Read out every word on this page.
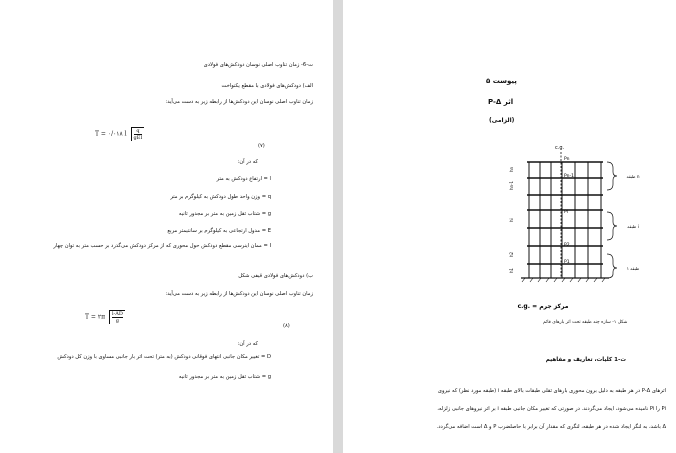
ت-6- زمان تناوب اصلی نوسان دودکش‌های فولادی
الف) دودکش‌های فولادی با مقطع یکنواخت
زمان تناوب اصلی نوسان این دودکش‌ها از رابطه زیر به دست می‌آید:
T = ۰/۰۱۸ l	q
gEI
(۷)
که در آن:
l = ارتفاع دودکش به متر
q = وزن واحد طول دودکش به کیلوگرم بر متر
g = شتاب ثقل زمین به متر بر مجذور ثانیه
E = مدول ارتجاعی به کیلوگرم بر سانتیمتر مربع
I = ممان اینرسی مقطع دودکش حول محوری که از مرکز دودکش می‌گذرد بر حسب متر به توان چهار
ب) دودکش‌های فولادی قیفی شکل
زمان تناوب اصلی نوسان این دودکش‌ها از رابطه زیر به دست می‌آید:
T = ۲π $\frac{l-AD}{g}$
(۸)
که در آن:
D = تغییر مکان جانبی انتهای فوقانی دودکش (به متر) تحت اثر بار جانبی مساوی با وزن کل دودکش
g = شتاب ثقل زمین به متر بر مجذور ثانیه
پیوست ۵
اثر P-Δ
(الزامی)
c.g.
Pn
Pn-1
Pi
P2
P1
hn
hn-1
hi
h2
h1
طبقه n
طبقه i
طبقه ۱
c.g. = مرکز جرم
شکل ۱- سازه چند طبقه تحت اثر بارهای قائم
ت-1 کلیات، تعاریف و مفاهیم
اثرهای P-Δ در هر طبقه به دلیل برون محوری بارهای ثقلی طبقات بالای طبقه i (طبقه مورد نظر) که نیروی
Pi را Pi نامیده می‌شود، ایجاد می‌گردند. در صورتی که تغییر مکان جانبی طبقه i بر اثر نیروهای جانبی زلزله،
Δ باشد، به لنگر ایجاد شده در هر طبقه، لنگری که مقدار آن برابر با حاصلضرب P و Δ است اضافه می‌گردد.
